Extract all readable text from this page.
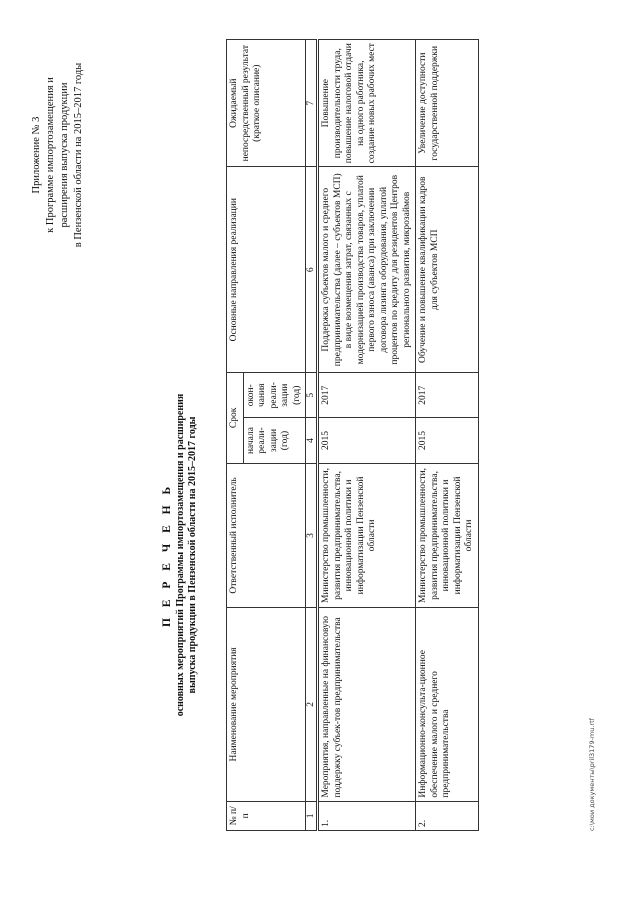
Приложение № 3 к Программе импортозамещения и расширения выпуска продукции в Пензенской области на 2015–2017 годы
П Е Р Е Ч Е Н Ь основных мероприятий Программы импортозамещения и расширения выпуска продукции в Пензенской области на 2015–2017 годы
№ п/п	Наименование мероприятия	Ответственный исполнитель	Срок		Основные направления реализации	Ожидаемый непосредственный результат (краткое описание)
			начала реали-зации (год)	окон-чания реали-зации (год)		
1	2	3	4	5	6	7
1.	Мероприятия, направленные на финансовую поддержку субъек-тов предпринимательства	Министерство промышленности, развития предпринимательства, инновационной политики и информатизации Пензенской области	2015	2017	Поддержка субъектов малого и среднего предпринимательства (далее – субъектов МСП) в виде возмещения затрат, связанных с модернизацией производства товаров, уплатой первого взноса (аванса) при заключении договора лизинга оборудования, уплатой процентов по кредиту для резидентов Центров регионального развития, микрозаймов	Повышение производительности труда, повышение налоговой отдачи на одного работника, создание новых рабочих мест
2.	Информационно-консульта-ционное обеспечение малого и среднего предпринимательства	Министерство промышленности, развития предпринимательства, инновационной политики и информатизации Пензенской области	2015	2017	Обучение и повышение квалификации кадров для субъектов МСП	Увеличение доступности государственной поддержки
c:\мои документы\pril3179-mu.rtf
